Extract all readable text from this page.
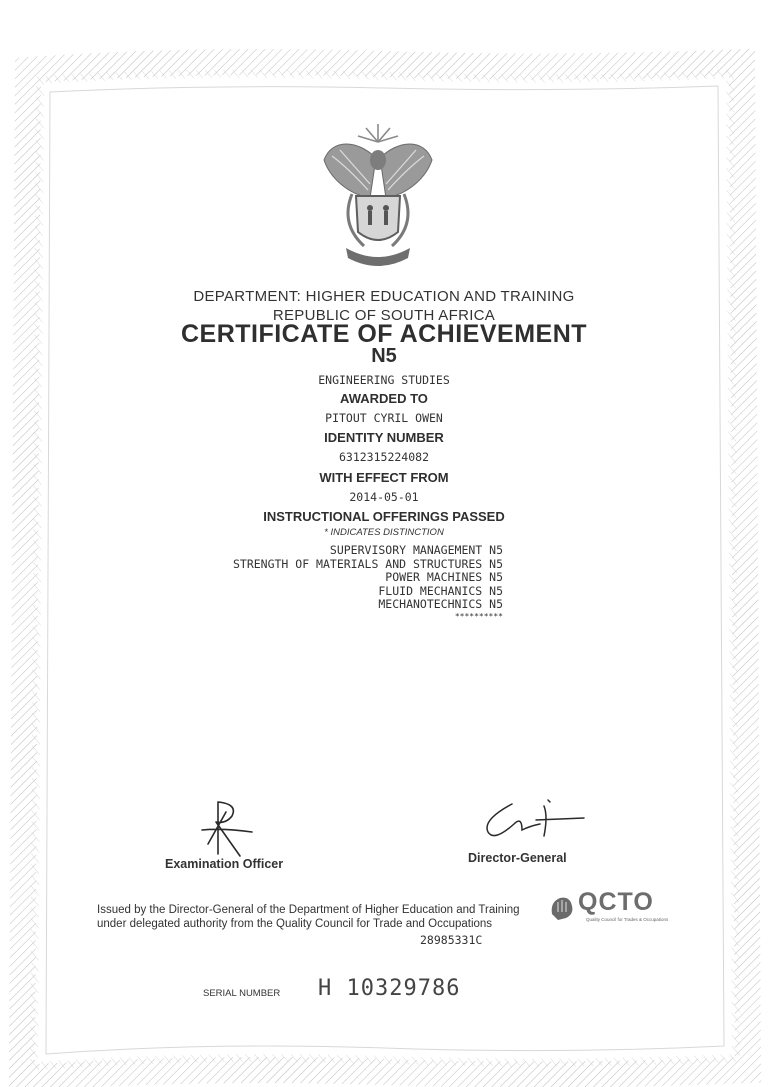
DEPARTMENT: HIGHER EDUCATION AND TRAINING
REPUBLIC OF SOUTH AFRICA
CERTIFICATE OF ACHIEVEMENT
N5
ENGINEERING STUDIES
AWARDED TO
PITOUT CYRIL OWEN
IDENTITY NUMBER
6312315224082
WITH EFFECT FROM
2014-05-01
INSTRUCTIONAL OFFERINGS PASSED
* INDICATES DISTINCTION
SUPERVISORY MANAGEMENT N5
STRENGTH OF MATERIALS AND STRUCTURES N5
POWER MACHINES N5
FLUID MECHANICS N5
MECHANOTECHNICS N5
**********
Examination Officer	Director-General
Issued by the Director-General of the Department of Higher Education and Training
under delegated authority from the Quality Council for Trade and Occupations
28985331C
QCTO
Quality Council for Trades & Occupations
SERIAL NUMBER H 10329786
